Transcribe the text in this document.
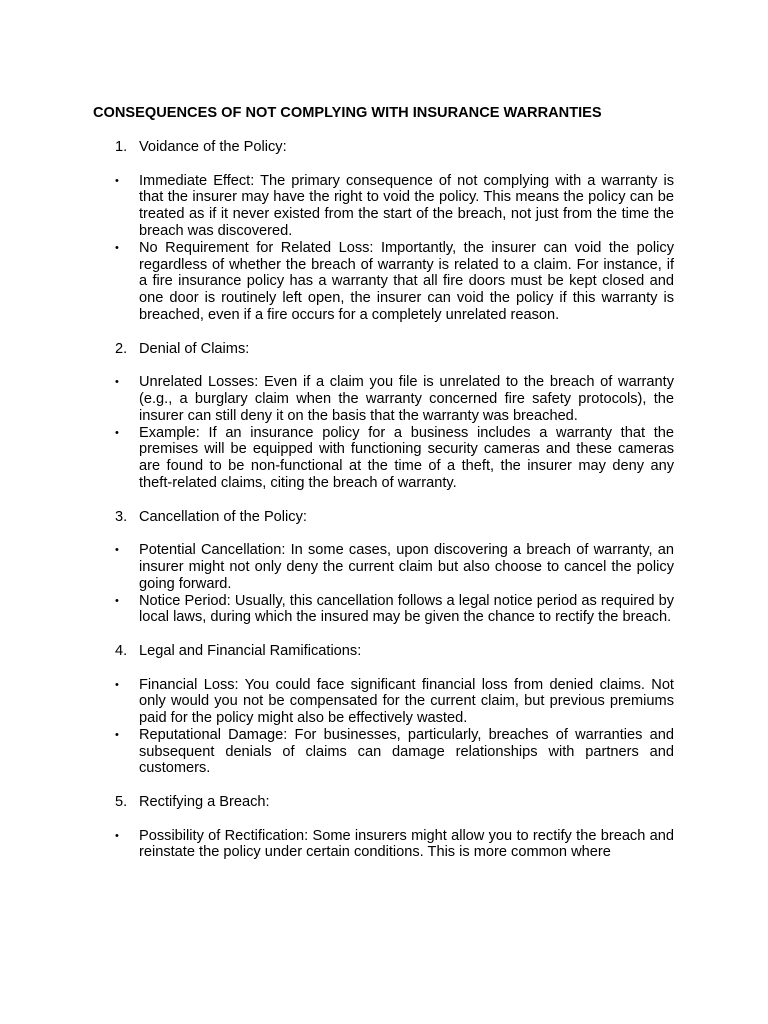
CONSEQUENCES OF NOT COMPLYING WITH INSURANCE WARRANTIES
1. Voidance of the Policy:
• Immediate Effect: The primary consequence of not complying with a warranty is that the insurer may have the right to void the policy. This means the policy can be treated as if it never existed from the start of the breach, not just from the time the breach was discovered.
• No Requirement for Related Loss: Importantly, the insurer can void the policy regardless of whether the breach of warranty is related to a claim. For instance, if a fire insurance policy has a warranty that all fire doors must be kept closed and one door is routinely left open, the insurer can void the policy if this warranty is breached, even if a fire occurs for a completely unrelated reason.
2. Denial of Claims:
• Unrelated Losses: Even if a claim you file is unrelated to the breach of warranty (e.g., a burglary claim when the warranty concerned fire safety protocols), the insurer can still deny it on the basis that the warranty was breached.
• Example: If an insurance policy for a business includes a warranty that the premises will be equipped with functioning security cameras and these cameras are found to be non-functional at the time of a theft, the insurer may deny any theft-related claims, citing the breach of warranty.
3. Cancellation of the Policy:
• Potential Cancellation: In some cases, upon discovering a breach of warranty, an insurer might not only deny the current claim but also choose to cancel the policy going forward.
• Notice Period: Usually, this cancellation follows a legal notice period as required by local laws, during which the insured may be given the chance to rectify the breach.
4. Legal and Financial Ramifications:
• Financial Loss: You could face significant financial loss from denied claims. Not only would you not be compensated for the current claim, but previous premiums paid for the policy might also be effectively wasted.
• Reputational Damage: For businesses, particularly, breaches of warranties and subsequent denials of claims can damage relationships with partners and customers.
5. Rectifying a Breach:
• Possibility of Rectification: Some insurers might allow you to rectify the breach and reinstate the policy under certain conditions. This is more common where
